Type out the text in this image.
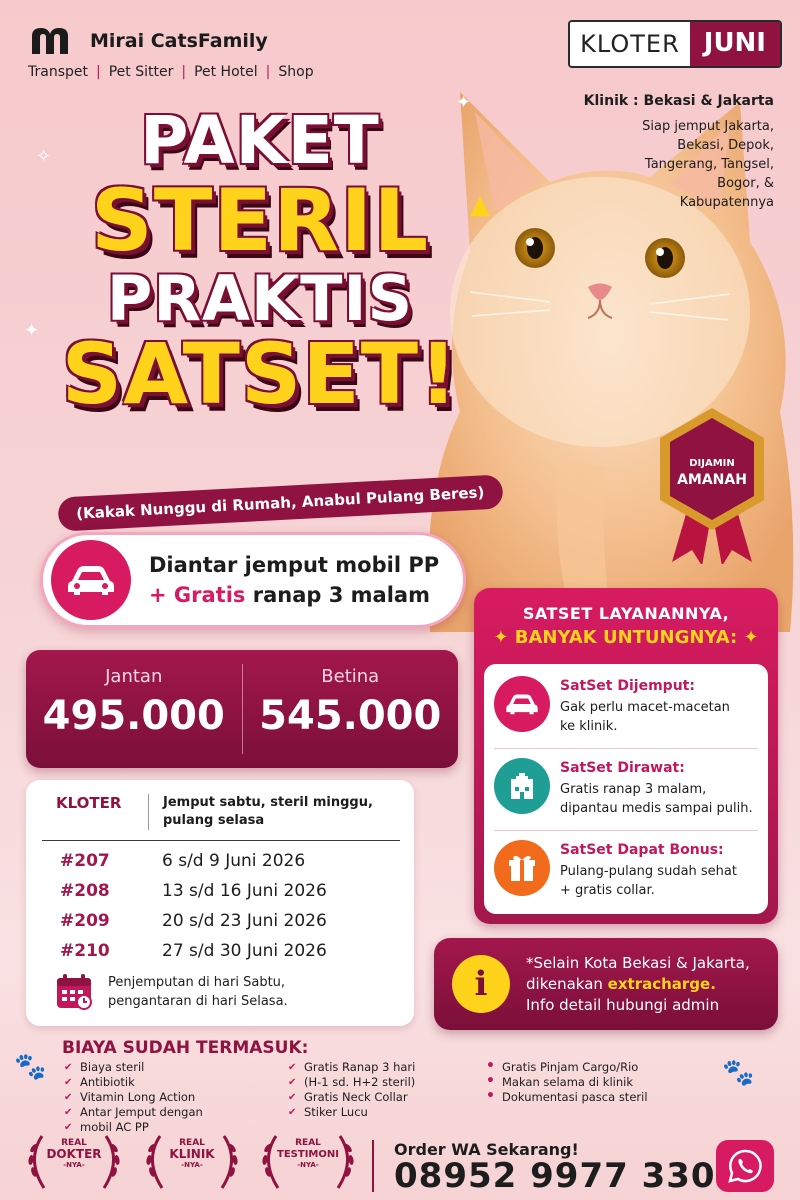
Mirai CatsFamily
Transpet | Pet Sitter | Pet Hotel | Shop
KLOTER JUNI
Klinik : Bekasi & Jakarta
Siap jemput Jakarta,
Bekasi, Depok,
Tangerang, Tangsel,
Bogor, &
Kabupatennya
✦
✦
✧
▲
PAKET
STERIL
PRAKTIS
SATSET!
(Kakak Nunggu di Rumah, Anabul Pulang Beres)
DIJAMIN
AMANAH
Diantar jemput mobil PP
+ Gratis ranap 3 malam
Jantan
495.000
Betina
545.000
KLOTER	Jemput sabtu, steril minggu,
pulang selasa
#207	6 s/d 9 Juni 2026
#208	13 s/d 16 Juni 2026
#209	20 s/d 23 Juni 2026
#210	27 s/d 30 Juni 2026
Penjemputan di hari Sabtu,
pengantaran di hari Selasa.
SATSET LAYANANNYA,
✦ BANYAK UNTUNGNYA: ✦
SatSet Dijemput:
Gak perlu macet-macetan
ke klinik.
SatSet Dirawat:
Gratis ranap 3 malam,
dipantau medis sampai pulih.
SatSet Dapat Bonus:
Pulang-pulang sudah sehat
+ gratis collar.
i
*Selain Kota Bekasi & Jakarta,
dikenakan extracharge.
Info detail hubungi admin
🐾	🐾
BIAYA SUDAH TERMASUK:
✔ Biaya steril
✔ Antibiotik
✔ Vitamin Long Action
✔ Antar Jemput dengan
✔ mobil AC PP
✔ Gratis Ranap 3 hari
✔ (H-1 sd. H+2 steril)
✔ Gratis Neck Collar
✔ Stiker Lucu
• Gratis Pinjam Cargo/Rio
• Makan selama di klinik
• Dokumentasi pasca steril
REAL
DOKTER
-NYA-
REAL
KLINIK
-NYA-
REAL
TESTIMONI
-NYA-
Order WA Sekarang!
08952 9977 330
